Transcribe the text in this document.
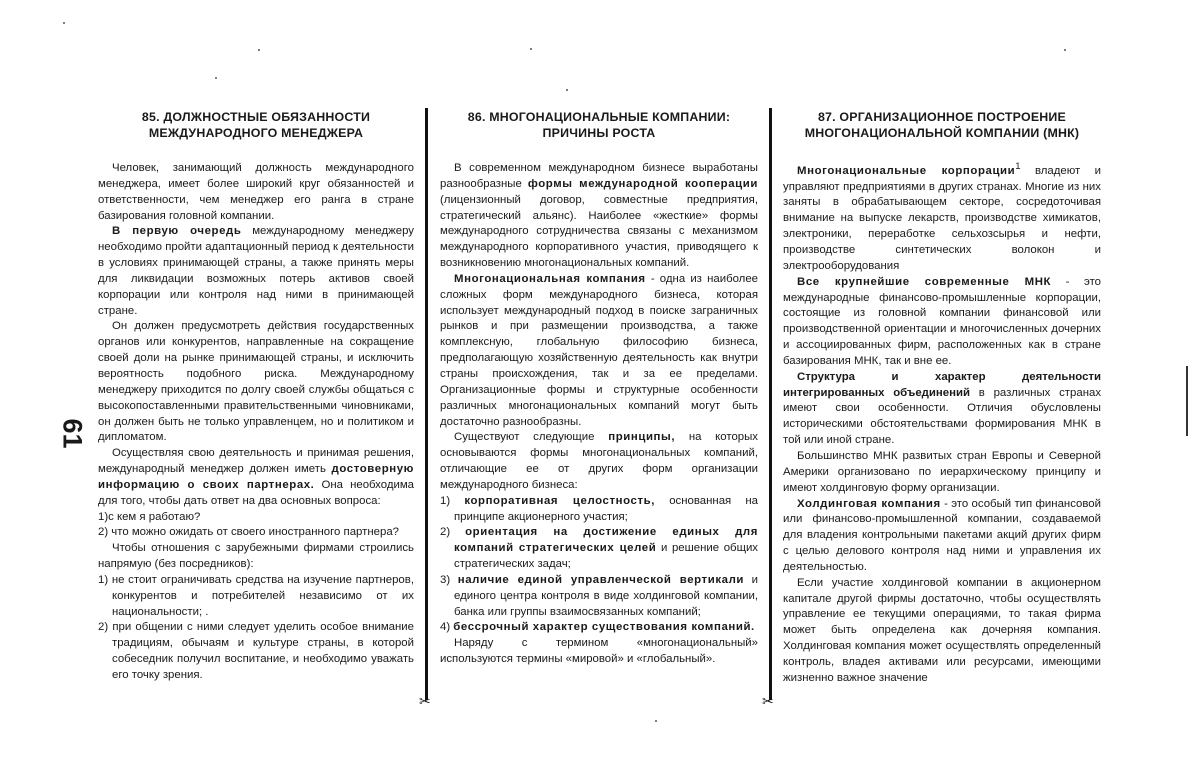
61
85. ДОЛЖНОСТНЫЕ ОБЯЗАННОСТИ МЕЖДУНАРОДНОГО МЕНЕДЖЕРА

Человек, занимающий должность международного менеджера, имеет более широкий круг обязанностей и ответственности, чем менеджер его ранга в стране базирования головной компании.

В первую очередь международному менеджеру необходимо пройти адаптационный период к деятельности в условиях принимающей страны, а также принять меры для ликвидации возможных потерь активов своей корпорации или контроля над ними в принимающей стране.

Он должен предусмотреть действия государственных органов или конкурентов, направленные на сокращение своей доли на рынке принимающей страны, и исключить вероятность подобного риска. Международному менеджеру приходится по долгу своей службы общаться с высокопоставленными правительственными чиновниками, он должен быть не только управленцем, но и политиком и дипломатом.

Осуществляя свою деятельность и принимая решения, международный менеджер должен иметь достоверную информацию о своих партнерах. Она необходима для того, чтобы дать ответ на два основных вопроса:

1)с кем я работаю?

2) что можно ожидать от своего иностранного партнера?

Чтобы отношения с зарубежными фирмами строились напрямую (без посредников):

1) не стоит ограничивать средства на изучение партнеров, конкурентов и потребителей независимо от их национальности; .

2) при общении с ними следует уделить особое внимание традициям, обычаям и культуре страны, в которой собеседник получил воспитание, и необходимо уважать его точку зрения.

✂
86. МНОГОНАЦИОНАЛЬНЫЕ КОМПАНИИ: ПРИЧИНЫ РОСТА

В современном международном бизнесе выработаны разнообразные формы международной кооперации (лицензионный договор, совместные предприятия, стратегический альянс). Наиболее «жесткие» формы международного сотрудничества связаны с механизмом международного корпоративного участия, приводящего к возникновению многонациональных компаний.

Многонациональная компания - одна из наиболее сложных форм международного бизнеса, которая использует международный подход в поиске заграничных рынков и при размещении производства, а также комплексную, глобальную философию бизнеса, предполагающую хозяйственную деятельность как внутри страны происхождения, так и за ее пределами. Организационные формы и структурные особенности различных многонациональных компаний могут быть достаточно разнообразны.

Существуют следующие принципы, на которых основываются формы многонациональных компаний, отличающие ее от других форм организации международного бизнеса:

1) корпоративная целостность, основанная на принципе акционерного участия;

2) ориентация на достижение единых для компаний стратегических целей и решение общих стратегических задач;

3) наличие единой управленческой вертикали и единого центра контроля в виде холдинговой компании, банка или группы взаимосвязанных компаний;

4) бессрочный характер существования компаний.

Наряду с термином «многонациональный» используются термины «мировой» и «глобальный».

✂
87. ОРГАНИЗАЦИОННОЕ ПОСТРОЕНИЕ МНОГОНАЦИОНАЛЬНОЙ КОМПАНИИ (МНК)

Многонациональные корпорации$^1$ владеют и управляют предприятиями в других странах. Многие из них заняты в обрабатывающем секторе, сосредоточивая внимание на выпуске лекарств, производстве химикатов, электроники, переработке сельхозсырья и нефти, производстве синтетических волокон и электрооборудования

Все крупнейшие современные МНК - это международные финансово-промышленные корпорации, состоящие из головной компании финансовой или производственной ориентации и многочисленных дочерних и ассоциированных фирм, расположенных как в стране базирования МНК, так и вне ее.

Структура и характер деятельности интегрированных объединений в различных странах имеют свои особенности. Отличия обусловлены историческими обстоятельствами формирования МНК в той или иной стране.

Большинство МНК развитых стран Европы и Северной Америки организовано по иерархическому принципу и имеют холдинговую форму организации.

Холдинговая компания - это особый тип финансовой или финансово-промышленной компании, создаваемой для владения контрольными пакетами акций других фирм с целью делового контроля над ними и управления их деятельностью.

Если участие холдинговой компании в акционерном капитале другой фирмы достаточно, чтобы осуществлять управление ее текущими операциями, то такая фирма может быть определена как дочерняя компания. Холдинговая компания может осуществлять определенный контроль, владея активами или ресурсами, имеющими жизненно важное значение
